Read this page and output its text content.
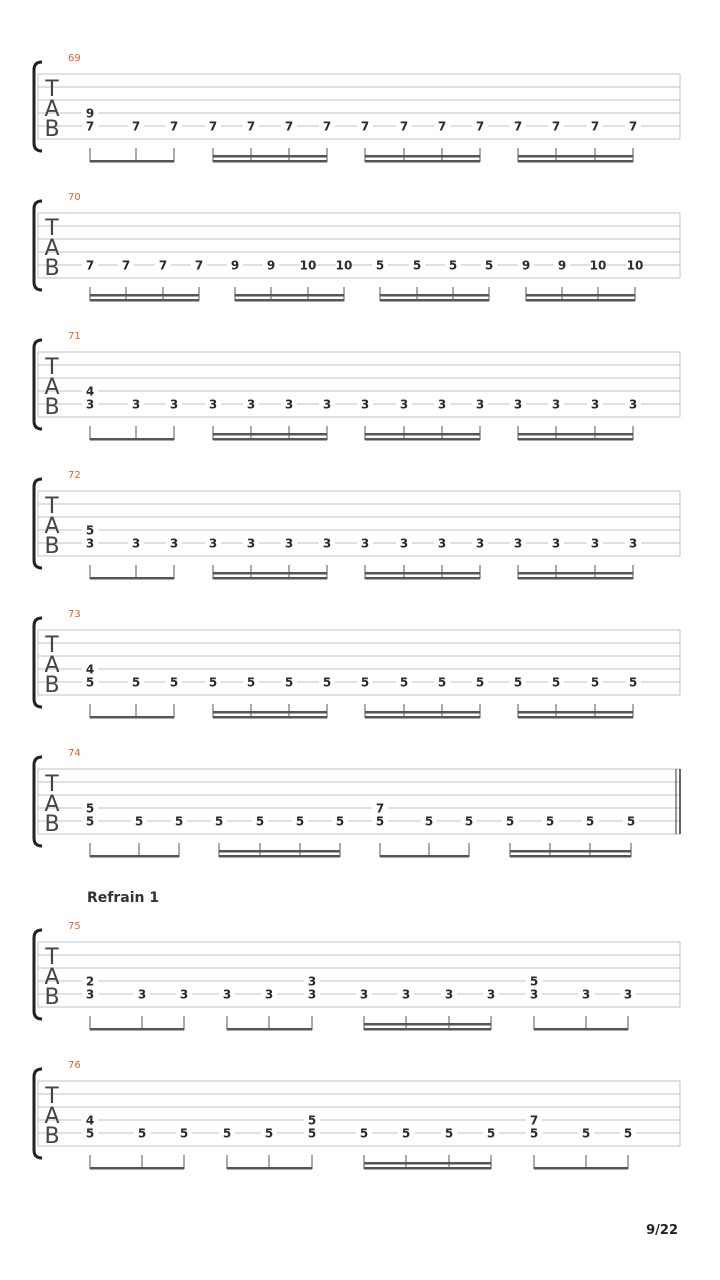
69
T
A
B 7	7 7
9
7 7 7 7 7	7 7 7 7 7	7 7
70
T
A
B 7 7 7 7 9 9 10 10 5 5 5 5 9 9 10 10
71
T
A
B 3	3 3
4
3 3 3 3 3	3 3 3 3 3	3 3
72
T
A
B 3	3 3
5
3 3 3 3 3	3 3 3 3 3	3 3
73
T
A
B 5	5 5
4
5 5 5 5 5	5 5 5 5 5	5 5
74
T
A
B 5	5	5
5
5	5	5	5	5	5	5
7
5	5	5	5
Refrain 1
75
T
A
B 3	3	3
2
3	3	3
3
3	3	3	3	3	3	3
5
76
T
A
B 5	5	5
4
5	5	5
5
5	5	5	5	5	5	5
7
9/22
